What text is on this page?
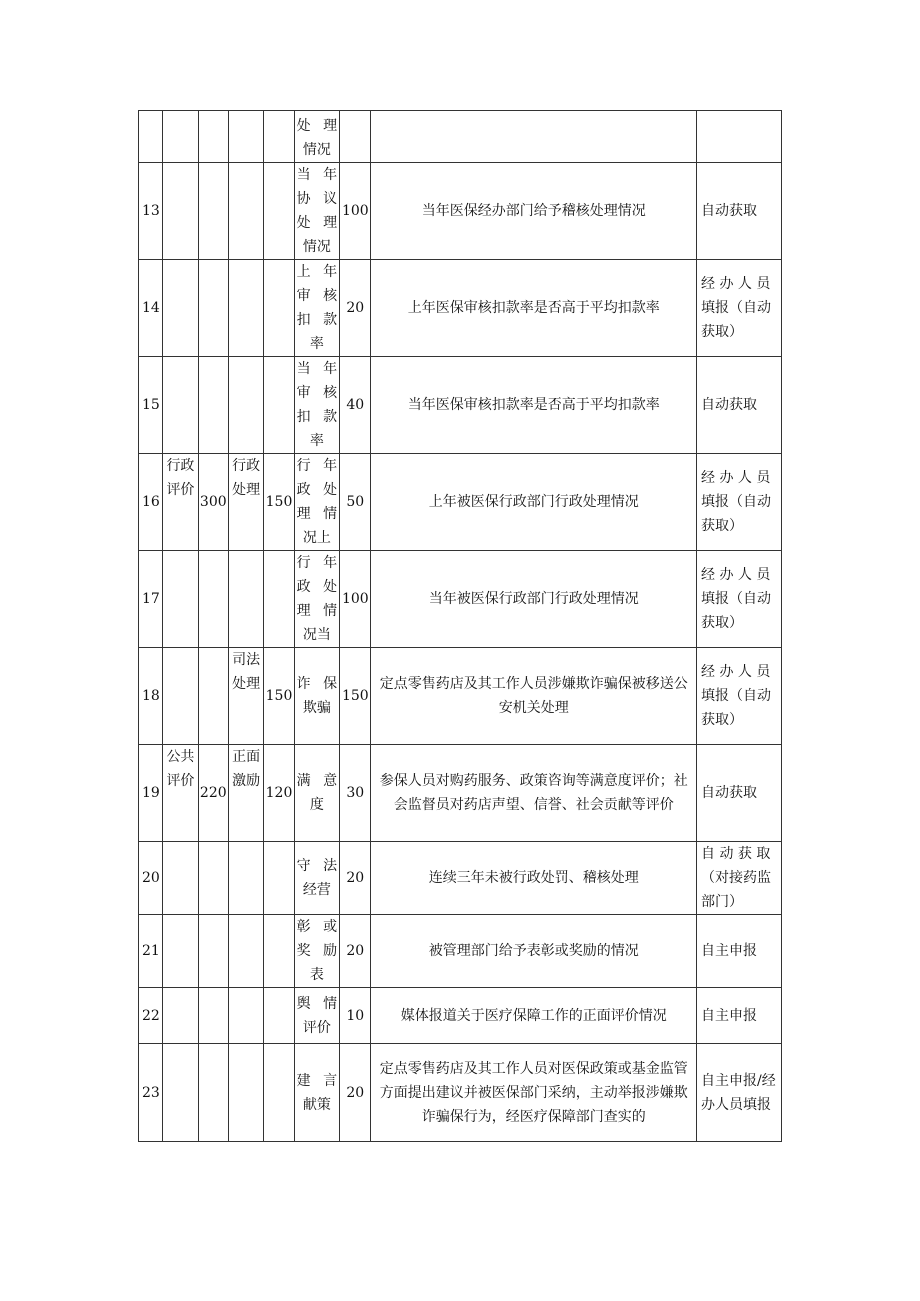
					处 理情况			
13					当 年协 议处 理情况	100	当年医保经办部门给予稽核处理情况	自动获取
14					上年审核扣款率	20	上年医保审核扣款率是否高于平均扣款率	经 办 人 员 填报（自动获取）
15					当年审核扣款率	40	当年医保审核扣款率是否高于平均扣款率	自动获取
16	行政评价	300	行政处理	150	行年政处理情况上	50	上年被医保行政部门行政处理情况	经 办 人 员 填报（自动获取）
17					行年政处理情况当	100	当年被医保行政部门行政处理情况	经 办 人 员 填报（自动获取）
18			司法处理	150	诈保欺骗	150	定点零售药店及其工作人员涉嫌欺诈骗保被移送公安机关处理	经 办 人 员 填报（自动获取）
19	公共评价	220	正面激励	120	满意度	30	参保人员对购药服务、政策咨询等满意度评价；社会监督员对药店声望、信誉、社会贡献等评价	自动获取
20					守 法经营	20	连续三年未被行政处罚、稽核处理	自 动 获 取（对接药监部门）
21					彰或奖励表	20	被管理部门给予表彰或奖励的情况	自主申报
22					舆 情评价	10	媒体报道关于医疗保障工作的正面评价情况	自主申报
23					建 言献策	20	定点零售药店及其工作人员对医保政策或基金监管方面提出建议并被医保部门采纳，主动举报涉嫌欺诈骗保行为，经医疗保障部门查实的	自主申报/经办人员填报
